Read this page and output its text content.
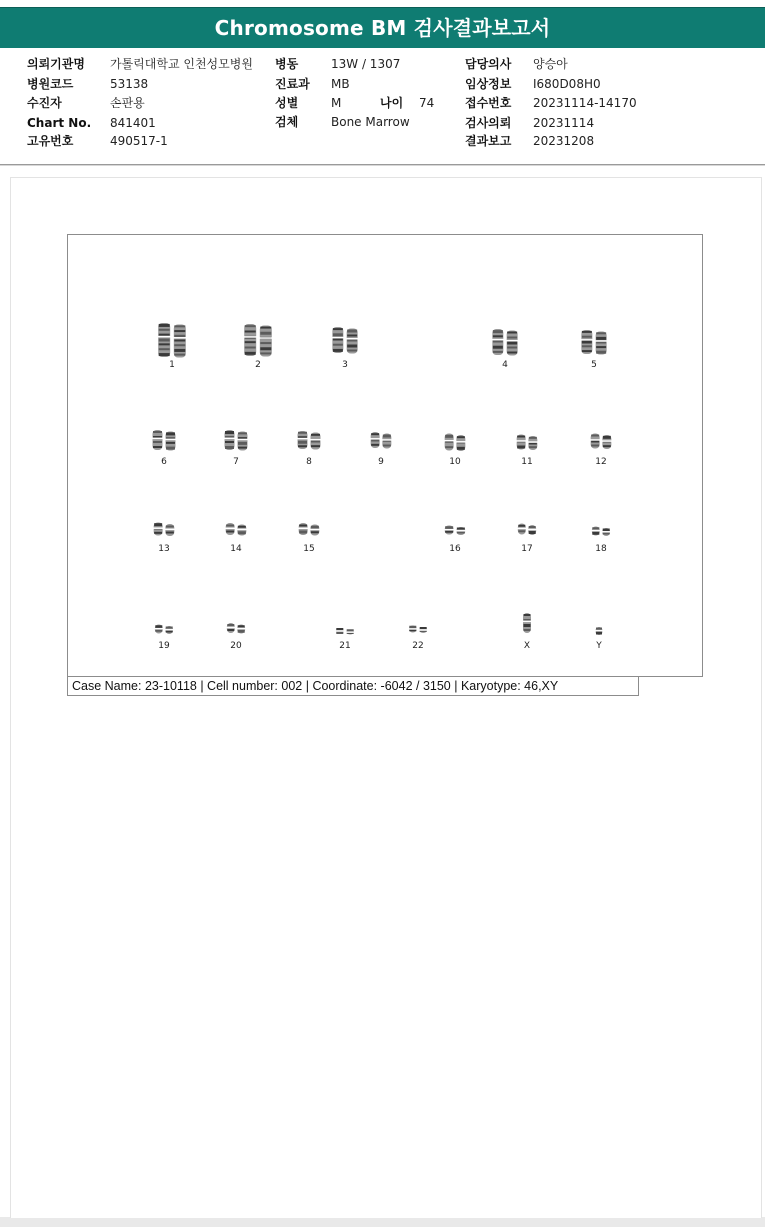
Chromosome BM 검사결과보고서
의뢰기관명 가톨릭대학교 인천성모병원
병원코드	53138
수진자	손판용
Chart No. 841401
고유번호	490517-1
병동	13W / 1307
진료과 MB
성별	M	나이 74
검체	Bone Marrow
담당의사 양승아
임상정보 I680D08H0
접수번호 20231114-14170
검사의뢰 20231114
결과보고 20231208
1	2	3	4	5
6	7	8	9	10	11	12
13	14	15	16	17	18
19	20	21	22	X	Y
Case Name: 23-10118 | Cell number: 002 | Coordinate: -6042 / 3150 | Karyotype: 46,XY
